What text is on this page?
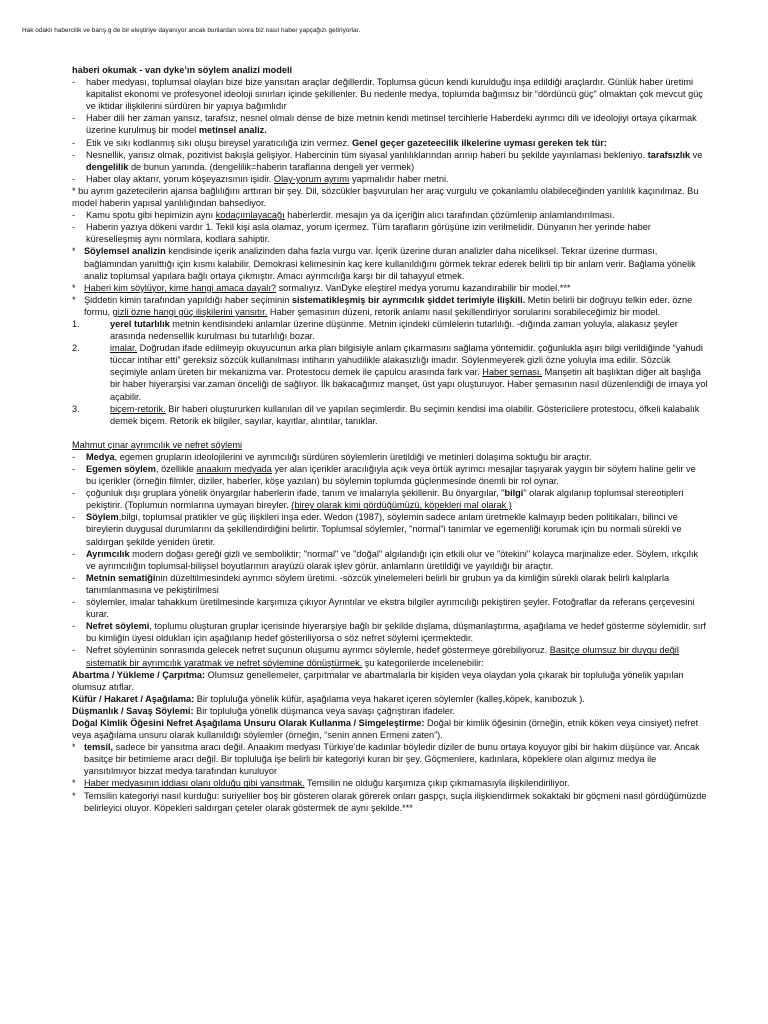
Hak odaklı habercilik ve barış g de bir eleştiriye dayanıyor ancak bunlardan sonra biz nasıl haber yapçağızı getiriyorlar.

haberi okumak - van dyke’ın söylem analizi modeli

- haber medyası, toplumsal olayları bize bize yansıtan araçlar değillerdir. Toplumsa gücun kendi kurulduğu inşa edildiği araçlardır. Günlük haber üretimi kapitalist ekonomi ve profesyonel ideoloji sınırları içinde şekillenler. Bu nedenle medya, toplumda bağımsız bir “dördüncü güç” olmaktan çok mevcut güç ve iktidar ilişkilerini sürdüren bir yapıya bağımlıdır

- Haber dili her zaman yansız, tarafsız, nesnel olmalı dense de bize metnin kendi metinsel tercihlerle Haberdeki ayrımcı dili ve ideolojiyi ortaya çıkarmak üzerine kurulmuş bir model metinsel analiz.

- Etik ve sıkı kodlanmış sıkı oluşu bireysel yaratıcılığa izin vermez. Genel geçer gazeteecilik ilkelerine uyması gereken tek tür:

- Nesnellik, yansız olmak, pozitivist bakışla gelişiyor. Habercinin tüm siyasal yanlılıklarından arınıp haberi bu şekilde yayınlaması bekleniyo. tarafsızlık ve dengelilik de bunun yanında. (dengelilik=haberin taraflarına dengeli yer vermek)

- Haber olay aktarır, yorum köşeyazısının işidir. Olay-yorum ayrımı yapmalıdır haber metni.

* bu ayrım gazetecilerin ajansa bağlılığını arttıran bir şey. Dil, sözcükler başvurulan her araç vurgulu ve çokanlamlu olabileceğinden yanlılık kaçınılmaz. Bu model haberin yapısal yanlılığından bahsediyor.

- Kamu spotu gibi hepimizin aynı kodaçımlayacağı haberlerdir. mesajın ya da içeriğin alıcı tarafından çözümlenip anlamlandırılması.

- Haberin yazıya dökeni vardır 1. Tekil kişi asla olamaz, yorum içermez. Tüm tarafların görüşüne izin verilmelidir. Dünyanın her yerinde haber küreselleşmiş aynı normlara, kodlara sahiptir.

* Söylemsel analizin kendisinde içerik analizinden daha fazla vurgu var. İçerik üzerine duran analizler daha niceliksel. Tekrar üzerine durması, bağlamından yanılttığı için kısmı kalabilir. Demokrasi kelimesinin kaç kere kullanıldığını görmek tekrar ederek belirli tip bir anlam verir. Bağlama yönelik analiz toplumsal yapılara bağlı ortaya çıkmıştır. Amacı ayrımcılığa karşı bir dil tahayyul etmek.

* Haberi kim söylüyor, kime hangi amaca dayalı? sormalıyız. VanDyke eleştirel medya yorumu kazandırabilir bir model.***

* Şiddetin kimin tarafından yapıldığı haber seçiminin sistematikleşmiş bir ayrımcılık şiddet terimiyle ilişkili. Metin belirli bir doğruyu telkin eder. özne formu, gizli özne hangi güç ilişkilerini yansıtır. Haber şemasının düzeni, retorik anlamı nasıl şekillendiriyor sorularını sorabileceğimiz bir model.

1.	yerel tutarlılık metnin kendisindeki anlamlar üzerine düşünme. Metnin içindeki cümlelerin tutarlılığı. -dığında zaman yoluyla, alakasız şeyler arasında nedensellik kurulması bu tutarlılığı bozar.

2.	imalar. Doğrudan ifade edilmeyip okuyucunun arka plan bilgisiyle anlam çıkarmasını sağlama yöntemidir. çoğunlukla aşırı bilgi verildiğinde “yahudi tüccar intihar etti” gereksiz sözcük kullanılması intiharın yahudilikle alakasızlığı imadır. Söylenmeyerek gizli özne yoluyla ima edilir. Sözcük seçimiyle anlam üreten bir mekanizma var. Protestocu demek ile çapulcu arasında fark var. Haber şeması. Manşetin alt başlıktan diğer alt başlığa bir haber hiyerarşisi var.zaman önceliği de sağlıyor. İlk bakacağımız manşet, üst yapı oluşturuyor. Haber şemasının nasıl düzenlendiği de imaya yol açabilir.

3.	biçem-retorik. Bir haberi oluştururken kullanılan dil ve yapılan seçimlerdir. Bu seçimin kendisi ima olabilir. Göstericilere protestocu, öfkeli kalabalık demek biçem. Retorik ek bilgiler, sayılar, kayıtlar, alıntılar, tanıklar.

Mahmut çınar ayrımcılık ve nefret söylemi

- Medya, egemen grupların ideolojilerini ve ayrımcılığı sürdüren söylemlerin üretildiği ve metinleri dolaşıma soktuğu bir araçtır.

- Egemen söylem, özellikle anaakım medyada yer alan içerikler aracılığıyla açık veya örtük ayrımcı mesajlar taşıyarak yaygın bir söylem haline gelir ve bu içerikler (örneğin filmler, diziler, haberler, köşe yazıları) bu söylemin toplumda güçlenmesinde önemli bir rol oynar.

- çoğunluk dışı gruplara yönelik önyargılar haberlerin ifade, tanım ve imalarıyla şekillenir. Bu önyargılar, "bilgi" olarak algılanıp toplumsal stereotipleri pekiştirir. (Toplumun normlarına uymayan bireyler. (birey olarak kimi gördüğümüzü, köpekleri mal olarak )

- Söylem,bilgi, toplumsal pratikler ve güç ilişkileri inşa eder. Wedon (1987), söylemin sadece anlam üretmekle kalmayıp beden politikaları, bilinci ve bireylerin duygusal durumlarını da şekillendirdiğini belirtir. Toplumsal söylemler, "normal"i tanımlar ve egemenliği korumak için bu normali sürekli ve saldırgan şekilde yeniden üretir.

- Ayrımcılık modern doğası gereği gizli ve semboliktir; "normal" ve "doğal" algılandığı için etkili olur ve "ötekini" kolayca marjinalize eder. Söylem, ırkçılık ve ayrımcılığın toplumsal-bilişsel boyutlarının arayüzü olarak işlev görür. anlamların üretildiği ve yayıldığı bir araçtır.

- Metnin sematiğinin düzeltilmesindeki ayrımcı söylem üretimi. -sözcük yinelemeleri belirli bir grubun ya da kimliğin sürekli olarak belirli kalıplarla tanımlanmasına ve pekiştirilmesi

- söylemler, imalar tahakkum üretilmesinde karşımıza çıkıyor Ayrıntılar ve ekstra bilgiler ayrımcılığı pekiştiren şeyler. Fotoğraflar da referans çerçevesini kurar.

- Nefret söylemi, toplumu oluşturan gruplar içerisinde hiyerarşiye bağlı bir şekilde dışlama, düşmanlaştırma, aşağılama ve hedef gösterme söylemidir. sırf bu kimliğin üyesi oldukları için aşağılanıp hedef gösteriliyorsa o söz nefret söylemi içermektedir.

- Nefret söyleminin sonrasında gelecek nefret suçunun oluşumu ayrımcı söylemle, hedef göstermeye görebiliyoruz. Basitçe olumsuz bir duygu değil sistematik bir ayrımcılık yaratmak ve nefret söylemine dönüştürmek. şu kategorilerde incelenebilir:

Abartma / Yükleme / Çarpıtma: Olumsuz genellemeler, çarpıtmalar ve abartmalarla bir kişiden veya olaydan yola çıkarak bir topluluğa yönelik yapılan olumsuz atıflar.

Küfür / Hakaret / Aşağılama: Bir topluluğa yönelik küfür, aşağılama veya hakaret içeren söylemler (kalleş,köpek, kanıbozuk ).

Düşmanlık / Savaş Söylemi: Bir topluluğa yönelik düşmanca veya savaşı çağrıştıran ifadeler.

Doğal Kimlik Öğesini Nefret Aşağılama Unsuru Olarak Kullanma / Simgeleştirme: Doğal bir kimlik öğesinin (örneğin, etnik köken veya cinsiyet) nefret veya aşağılama unsuru olarak kullanıldığı söylemler (örneğin, “senin annen Ermeni zaten”).

* temsil, sadece bir yansıtma aracı değil. Anaakım medyası Türkiye’de kadınlar böyledir diziler de bunu ortaya koyuyor gibi bir hakim düşünce var. Ancak basitçe bir betimleme aracı değil. Bir topluluğa işe belirli bir kategoriyi kuran bir şey. Göçmenlere, kadınlara, köpeklere olan algımız medya ile yansıtılmıyor bizzat medya tarafından kuruluyor

* Haber medyasının iddiası olanı olduğu gibi yansıtmak. Temsilin ne olduğu karşımıza çıkıp çıkmamasıyla ilişkilendiriliyor.

* Temsilin kategoriyi nasıl kurduğu: suriyeliler boş bir gösteren olarak görerek onları gaspçı, suçla ilişkiendirmek sokaktaki bir göçmeni nasıl gördüğümüzde belirleyici oluyor. Köpekleri saldırgan çeteler olarak göstermek de aynı şekilde.***
